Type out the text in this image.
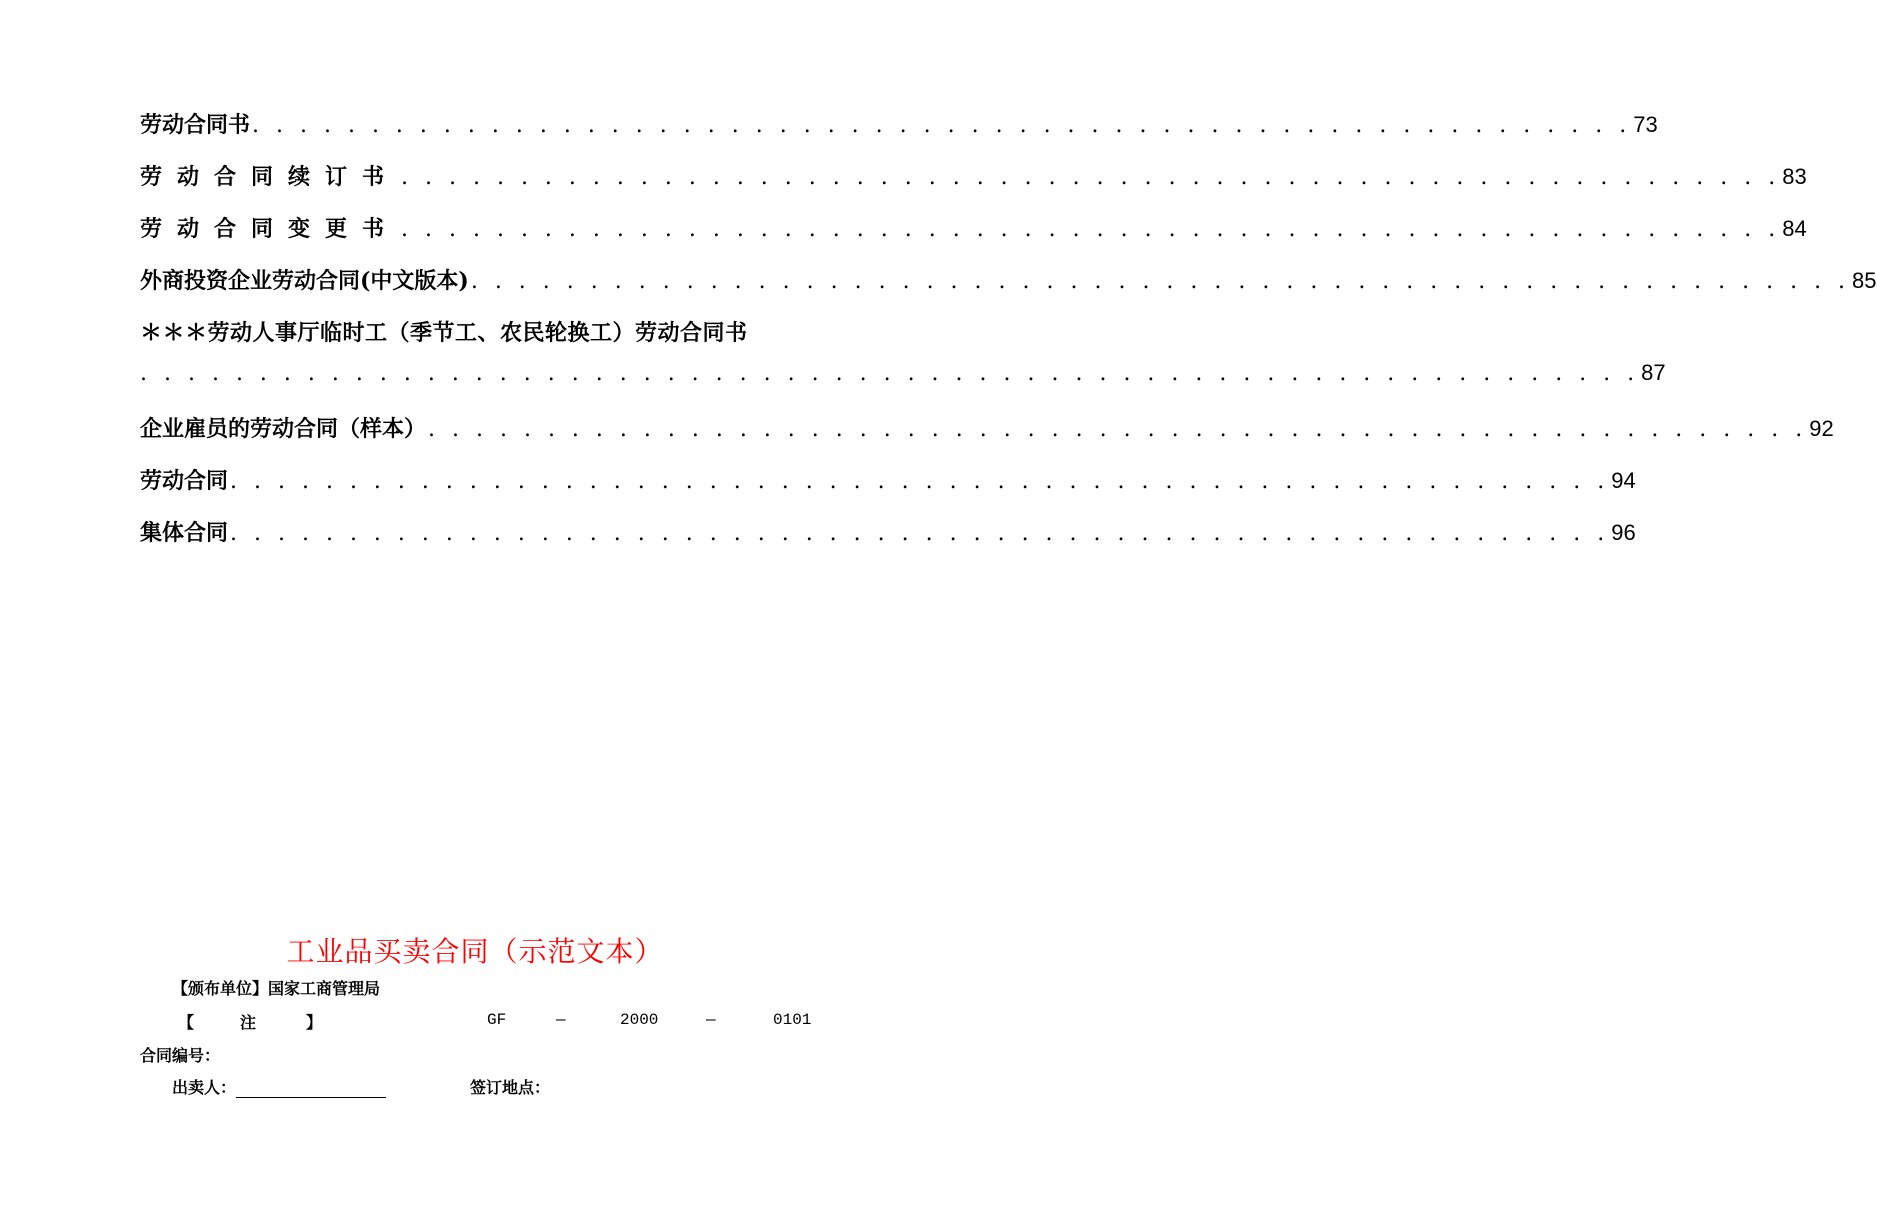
劳动合同书 . . . . . . . . . . . . . . . . . . . . . . . . . . . . . . . . . . . . . . . . . . . . . . . . . . . . . . . . . . 73
劳动合同续订书 . . . . . . . . . . . . . . . . . . . . . . . . . . . . . . . . . . . . . . . . . . . . . . . . . . . . . . . . . . 83
劳动合同变更书 . . . . . . . . . . . . . . . . . . . . . . . . . . . . . . . . . . . . . . . . . . . . . . . . . . . . . . . . . . 84
外商投资企业劳动合同(中文版本) . . . . . . . . . . . . . . . . . . . . . . . . . . . . . . . . . . . . . . . . . . . . . . . . . . . . . . . . . . 85
＊＊＊劳动人事厅临时工（季节工、农民轮换工）劳动合同书
. . . . . . . . . . . . . . . . . . . . . . . . . . . . . . . . . . . . . . . . . . . . . . . . . . . . . . . . . . . . . . . 87
企业雇员的劳动合同（样本） . . . . . . . . . . . . . . . . . . . . . . . . . . . . . . . . . . . . . . . . . . . . . . . . . . . . . . . . . . 92
劳动合同 . . . . . . . . . . . . . . . . . . . . . . . . . . . . . . . . . . . . . . . . . . . . . . . . . . . . . . . . . . 94
集体合同 . . . . . . . . . . . . . . . . . . . . . . . . . . . . . . . . . . . . . . . . . . . . . . . . . . . . . . . . . . 96
工业品买卖合同（示范文本）
【颁布单位】国家工商管理局
【	注	】	GF	—	2000	—	0101
合同编号：
出卖人：	签订地点：
